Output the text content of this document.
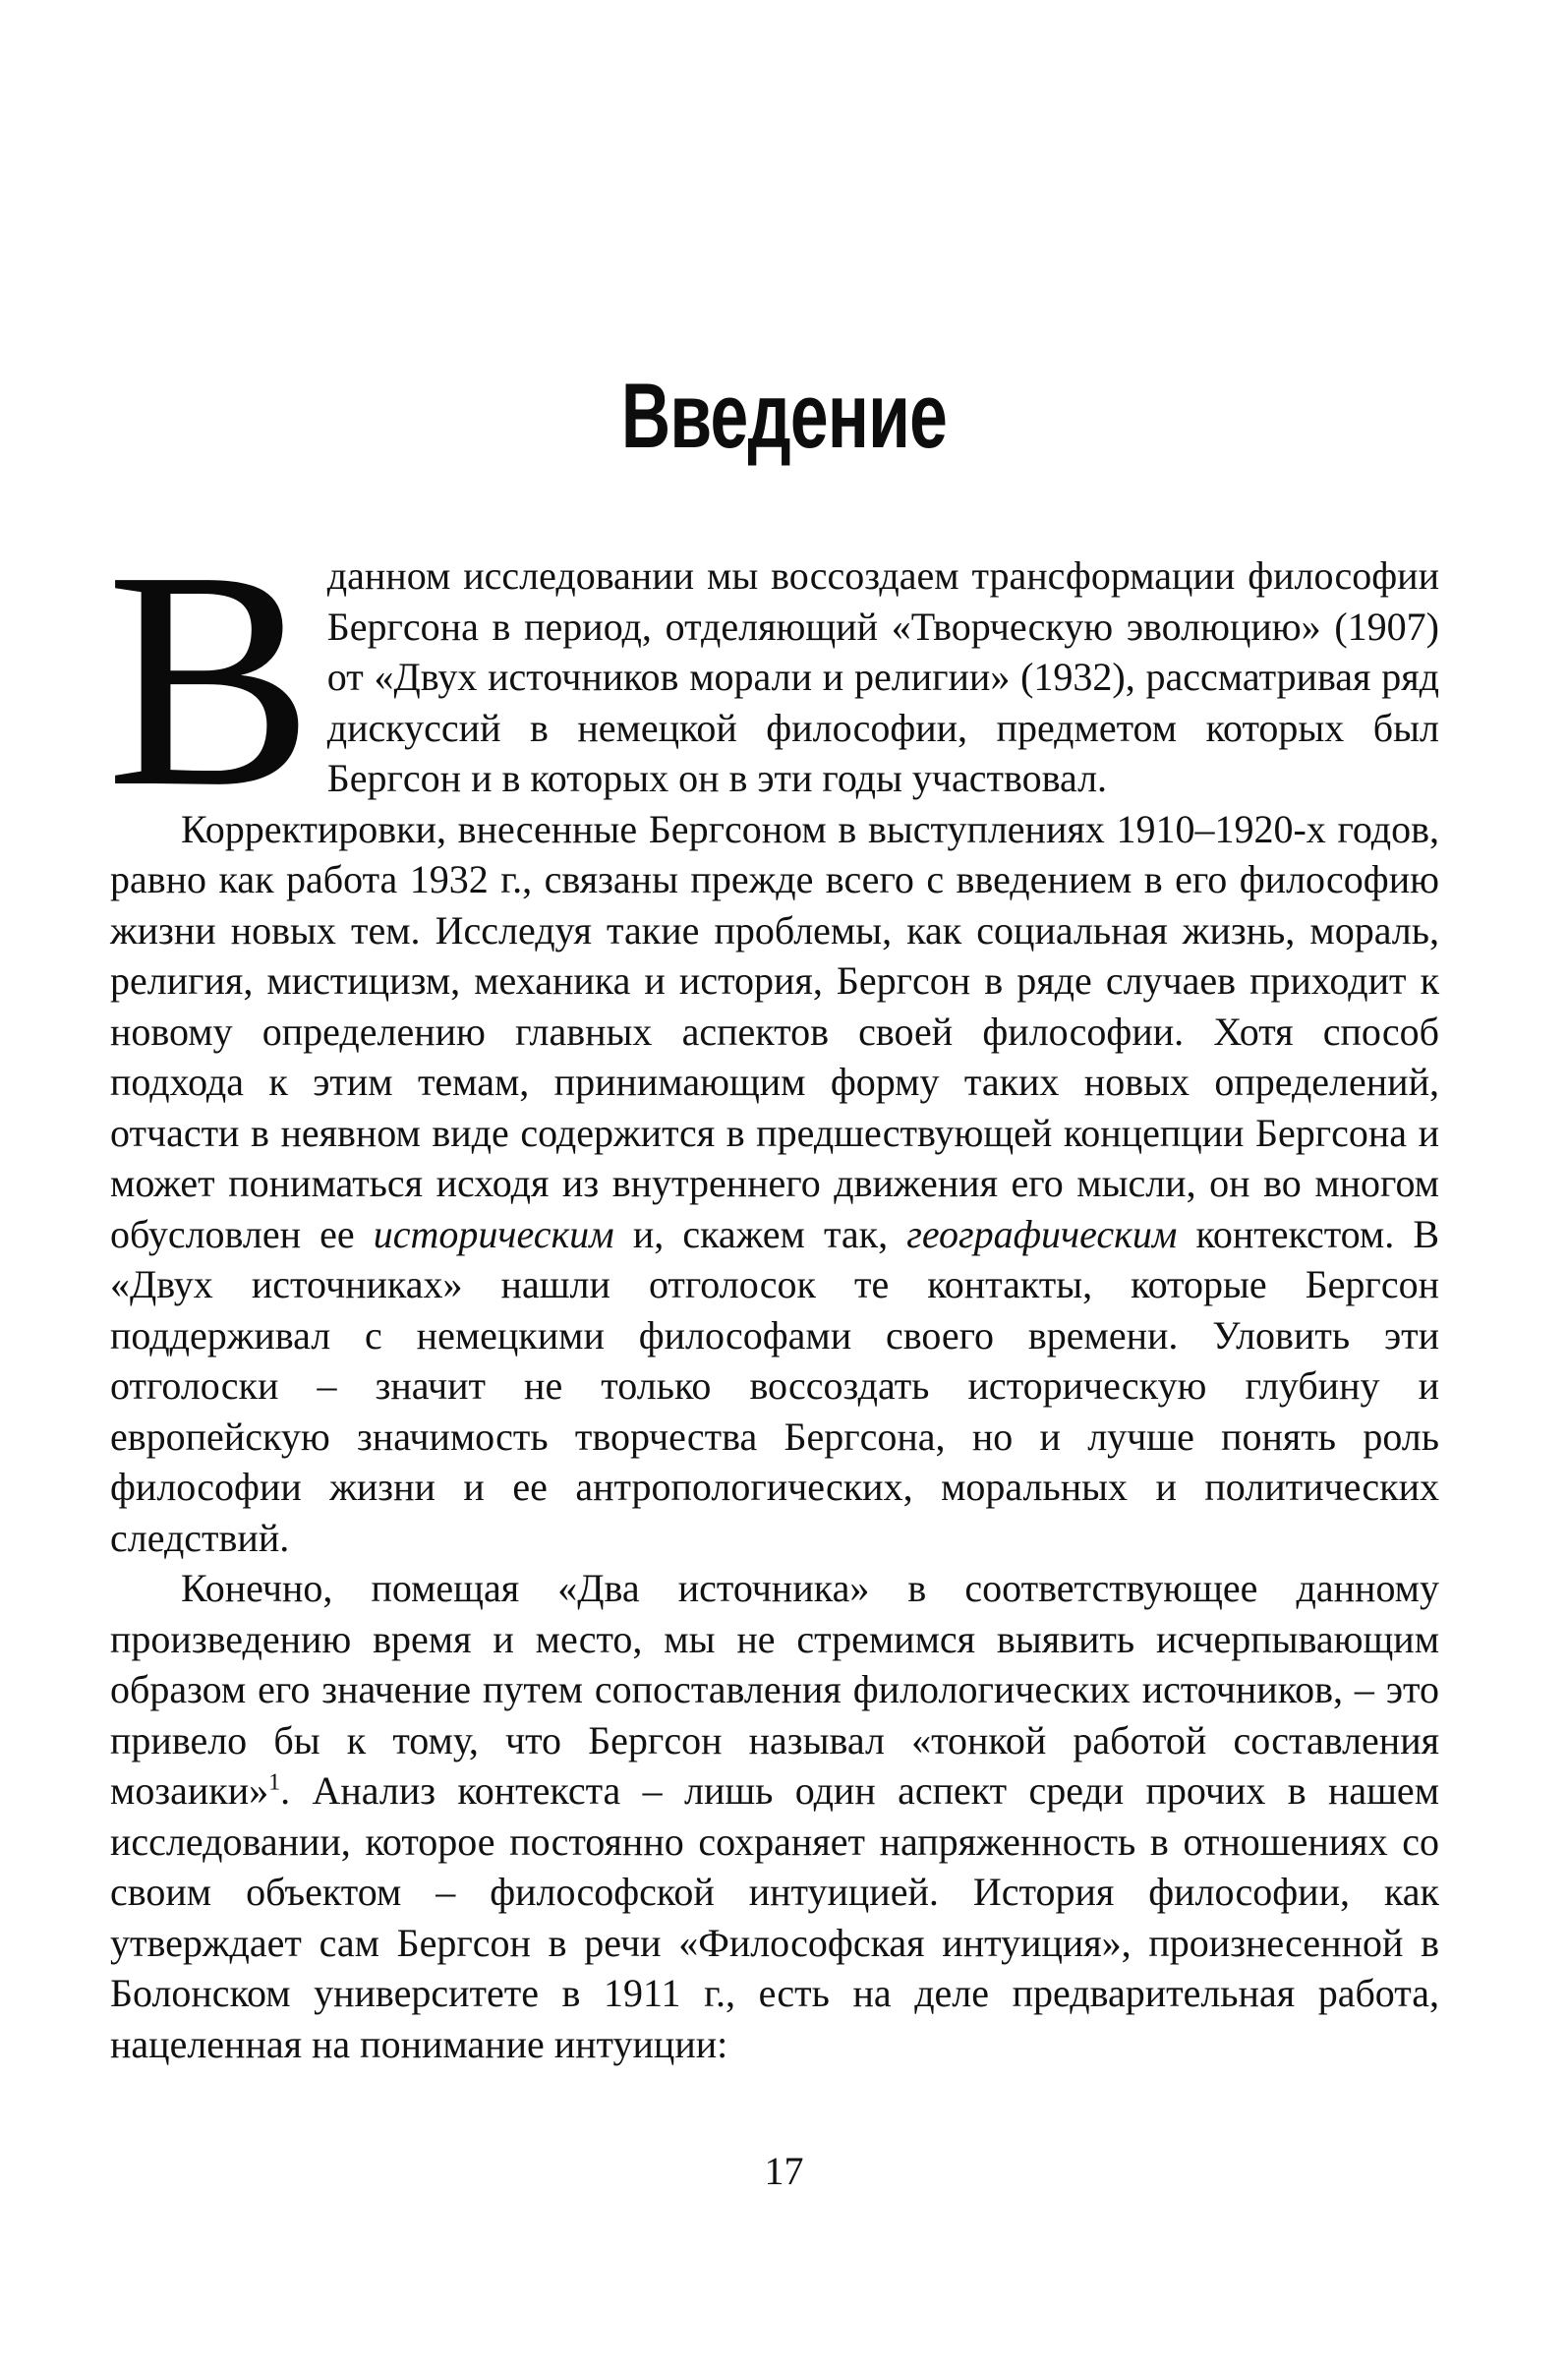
Введение

Вданном исследовании мы воссоздаем трансформации философии Бергсона в период, отделяющий «Творческую эволюцию» (1907) от «Двух источников морали и религии» (1932), рассматривая ряд дискуссий в немецкой философии, предметом которых был Бергсон и в которых он в эти годы участвовал.

Корректировки, внесенные Бергсоном в выступлениях 1910–1920-х годов, равно как работа 1932 г., связаны прежде всего с введением в его философию жизни новых тем. Исследуя такие проблемы, как социальная жизнь, мораль, религия, мистицизм, механика и история, Бергсон в ряде случаев приходит к новому определению главных аспектов своей философии. Хотя способ подхода к этим темам, принимающим форму таких новых определений, отчасти в неявном виде содержится в предшествующей концепции Бергсона и может пониматься исходя из внутреннего движения его мысли, он во многом обусловлен ее историческим и, скажем так, географическим контекстом. В «Двух источниках» нашли отголосок те контакты, которые Бергсон поддерживал с немецкими философами своего времени. Уловить эти отголоски – значит не только воссоздать историческую глубину и европейскую значимость творчества Бергсона, но и лучше понять роль философии жизни и ее антропологических, моральных и политических следствий.

Конечно, помещая «Два источника» в соответствующее данному произведению время и место, мы не стремимся выявить исчерпывающим образом его значение путем сопоставления филологических источников, – это привело бы к тому, что Бергсон называл «тонкой работой составления мозаики»$^1$. Анализ контекста – лишь один аспект среди прочих в нашем исследовании, которое постоянно сохраняет напряженность в отношениях со своим объектом – философской интуицией. История философии, как утверждает сам Бергсон в речи «Философская интуиция», произнесенной в Болонском университете в 1911 г., есть на деле предварительная работа, нацеленная на понимание интуиции:

17
